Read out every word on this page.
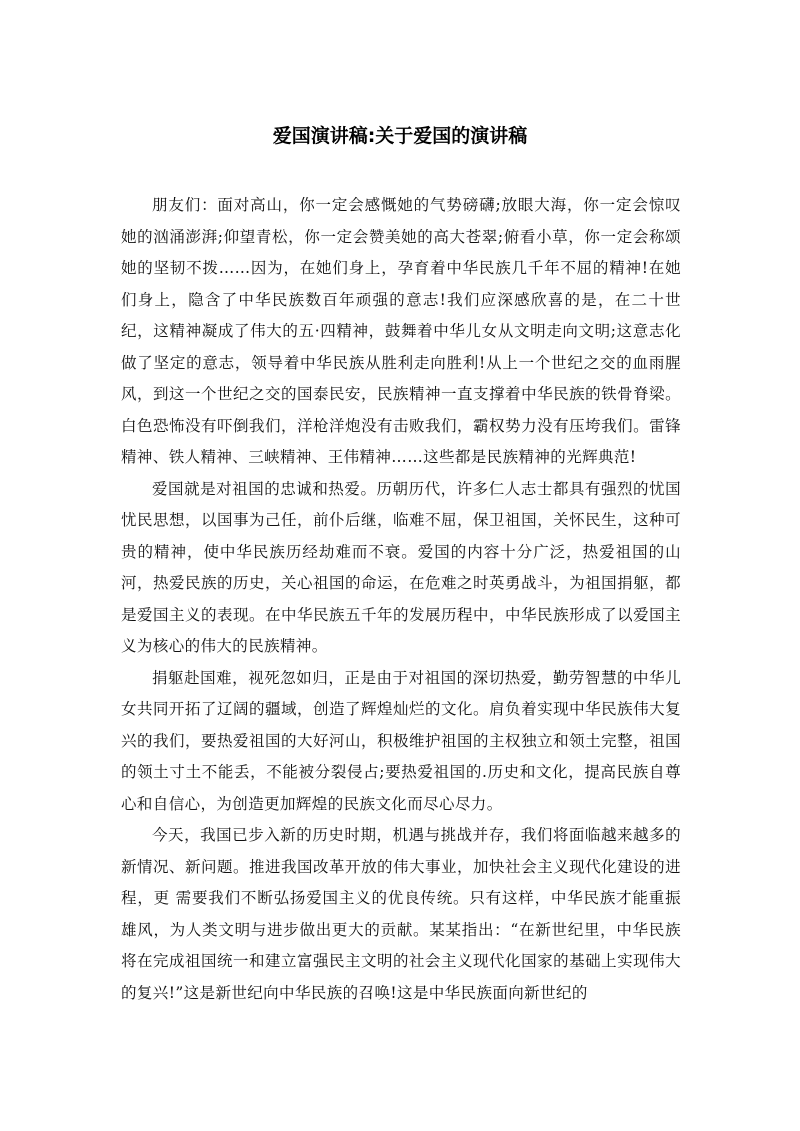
爱国演讲稿:关于爱国的演讲稿

朋友们：面对高山，你一定会感慨她的气势磅礴;放眼大海，你一定会惊叹她的汹涌澎湃;仰望青松，你一定会赞美她的高大苍翠;俯看小草，你一定会称颂她的坚韧不拨……因为，在她们身上，孕育着中华民族几千年不屈的精神!在她们身上，隐含了中华民族数百年顽强的意志!我们应深感欣喜的是，在二十世纪，这精神凝成了伟大的五·四精神，鼓舞着中华儿女从文明走向文明;这意志化做了坚定的意志，领导着中华民族从胜利走向胜利!从上一个世纪之交的血雨腥风，到这一个世纪之交的国泰民安，民族精神一直支撑着中华民族的铁骨脊梁。白色恐怖没有吓倒我们，洋枪洋炮没有击败我们，霸权势力没有压垮我们。雷锋精神、铁人精神、三峡精神、王伟精神……这些都是民族精神的光辉典范!

爱国就是对祖国的忠诚和热爱。历朝历代，许多仁人志士都具有强烈的忧国忧民思想，以国事为己任，前仆后继，临难不屈，保卫祖国，关怀民生，这种可贵的精神，使中华民族历经劫难而不衰。爱国的内容十分广泛，热爱祖国的山河，热爱民族的历史，关心祖国的命运，在危难之时英勇战斗，为祖国捐躯，都是爱国主义的表现。在中华民族五千年的发展历程中，中华民族形成了以爱国主义为核心的伟大的民族精神。

捐躯赴国难，视死忽如归，正是由于对祖国的深切热爱，勤劳智慧的中华儿女共同开拓了辽阔的疆域，创造了辉煌灿烂的文化。肩负着实现中华民族伟大复兴的我们，要热爱祖国的大好河山，积极维护祖国的主权独立和领土完整，祖国的领土寸土不能丢，不能被分裂侵占;要热爱祖国的.历史和文化，提高民族自尊心和自信心，为创造更加辉煌的民族文化而尽心尽力。

今天，我国已步入新的历史时期，机遇与挑战并存，我们将面临越来越多的新情况、新问题。推进我国改革开放的伟大事业，加快社会主义现代化建设的进程，更 需要我们不断弘扬爱国主义的优良传统。只有这样，中华民族才能重振雄风，为人类文明与进步做出更大的贡献。某某指出：“在新世纪里，中华民族将在完成祖国统一和建立富强民主文明的社会主义现代化国家的基础上实现伟大的复兴!”这是新世纪向中华民族的召唤!这是中华民族面向新世纪的
